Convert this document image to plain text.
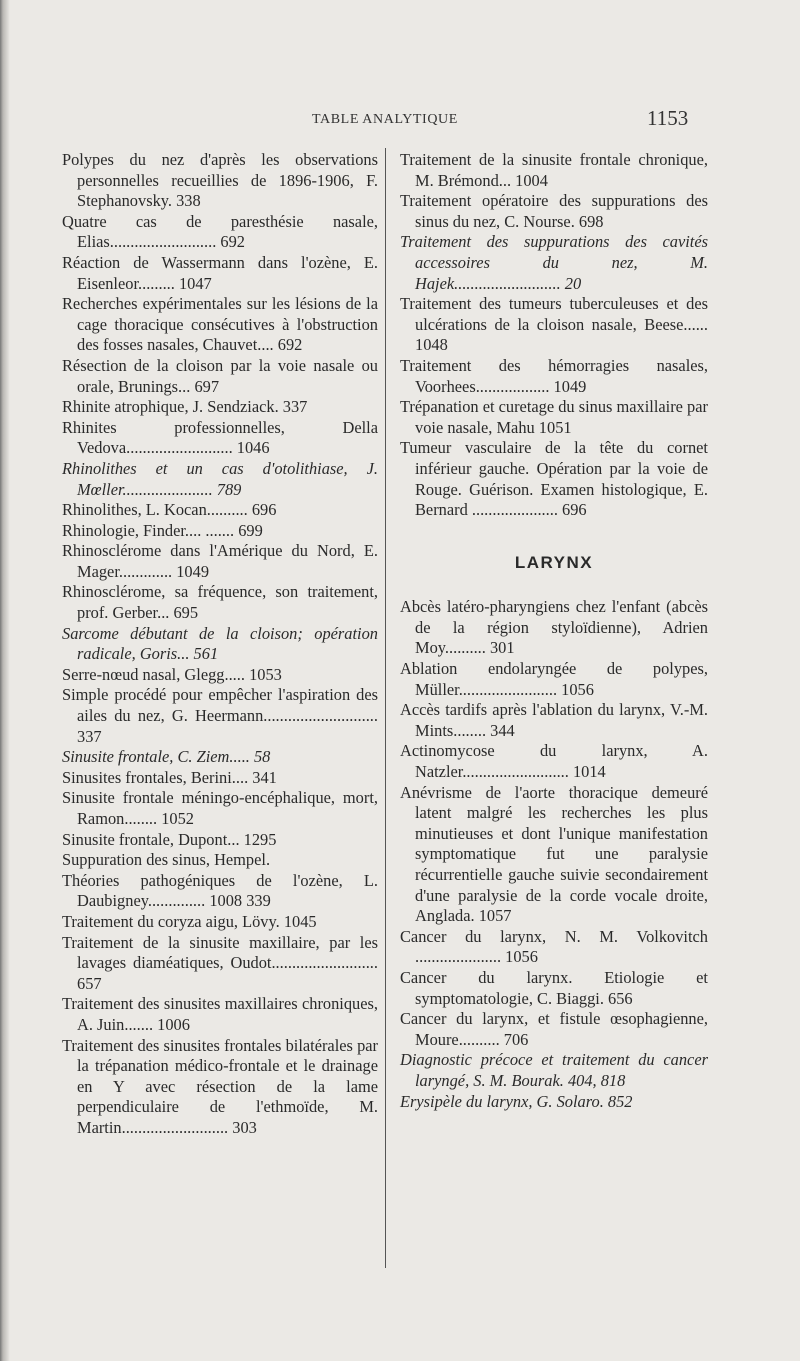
TABLE ANALYTIQUE	1153

Polypes du nez d'après les observations personnelles recueillies de 1896-1906, F. Stephanovsky. 338

Quatre cas de paresthésie nasale, Elias.......................... 692

Réaction de Wassermann dans l'ozène, E. Eisenleor......... 1047

Recherches expérimentales sur les lésions de la cage thoracique consécutives à l'obstruction des fosses nasales, Chauvet.... 692

Résection de la cloison par la voie nasale ou orale, Brunings... 697

Rhinite atrophique, J. Sendziack. 337

Rhinites professionnelles, Della Vedova.......................... 1046

Rhinolithes et un cas d'otolithiase, J. Mœller...................... 789

Rhinolithes, L. Kocan.......... 696

Rhinologie, Finder.... ....... 699

Rhinosclérome dans l'Amérique du Nord, E. Mager............. 1049

Rhinosclérome, sa fréquence, son traitement, prof. Gerber... 695

Sarcome débutant de la cloison; opération radicale, Goris... 561

Serre-nœud nasal, Glegg..... 1053

Simple procédé pour empêcher l'aspiration des ailes du nez, G. Heermann............................ 337

Sinusite frontale, C. Ziem..... 58

Sinusites frontales, Berini.... 341

Sinusite frontale méningo-encéphalique, mort, Ramon........ 1052

Sinusite frontale, Dupont... 1295

Suppuration des sinus, Hempel.

Théories pathogéniques de l'ozène, L. Daubigney.............. 1008 339

Traitement du coryza aigu, Lövy. 1045

Traitement de la sinusite maxillaire, par les lavages diaméatiques, Oudot.......................... 657

Traitement des sinusites maxillaires chroniques, A. Juin....... 1006

Traitement des sinusites frontales bilatérales par la trépanation médico-frontale et le drainage en Y avec résection de la lame perpendiculaire de l'ethmoïde, M. Martin.......................... 303

Traitement de la sinusite frontale chronique, M. Brémond... 1004

Traitement opératoire des suppurations des sinus du nez, C. Nourse. 698

Traitement des suppurations des cavités accessoires du nez, M. Hajek.......................... 20

Traitement des tumeurs tuberculeuses et des ulcérations de la cloison nasale, Beese...... 1048

Traitement des hémorragies nasales, Voorhees.................. 1049

Trépanation et curetage du sinus maxillaire par voie nasale, Mahu 1051

Tumeur vasculaire de la tête du cornet inférieur gauche. Opération par la voie de Rouge. Guérison. Examen histologique, E. Bernard ..................... 696

LARYNX

Abcès latéro-pharyngiens chez l'enfant (abcès de la région styloïdienne), Adrien Moy.......... 301

Ablation endolaryngée de polypes, Müller........................ 1056

Accès tardifs après l'ablation du larynx, V.-M. Mints........ 344

Actinomycose du larynx, A. Natzler.......................... 1014

Anévrisme de l'aorte thoracique demeuré latent malgré les recherches les plus minutieuses et dont l'unique manifestation symptomatique fut une paralysie récurrentielle gauche suivie secondairement d'une paralysie de la corde vocale droite, Anglada. 1057

Cancer du larynx, N. M. Volkovitch ..................... 1056

Cancer du larynx. Etiologie et symptomatologie, C. Biaggi. 656

Cancer du larynx, et fistule œsophagienne, Moure.......... 706

Diagnostic précoce et traitement du cancer laryngé, S. M. Bourak. 404, 818

Erysipèle du larynx, G. Solaro. 852
